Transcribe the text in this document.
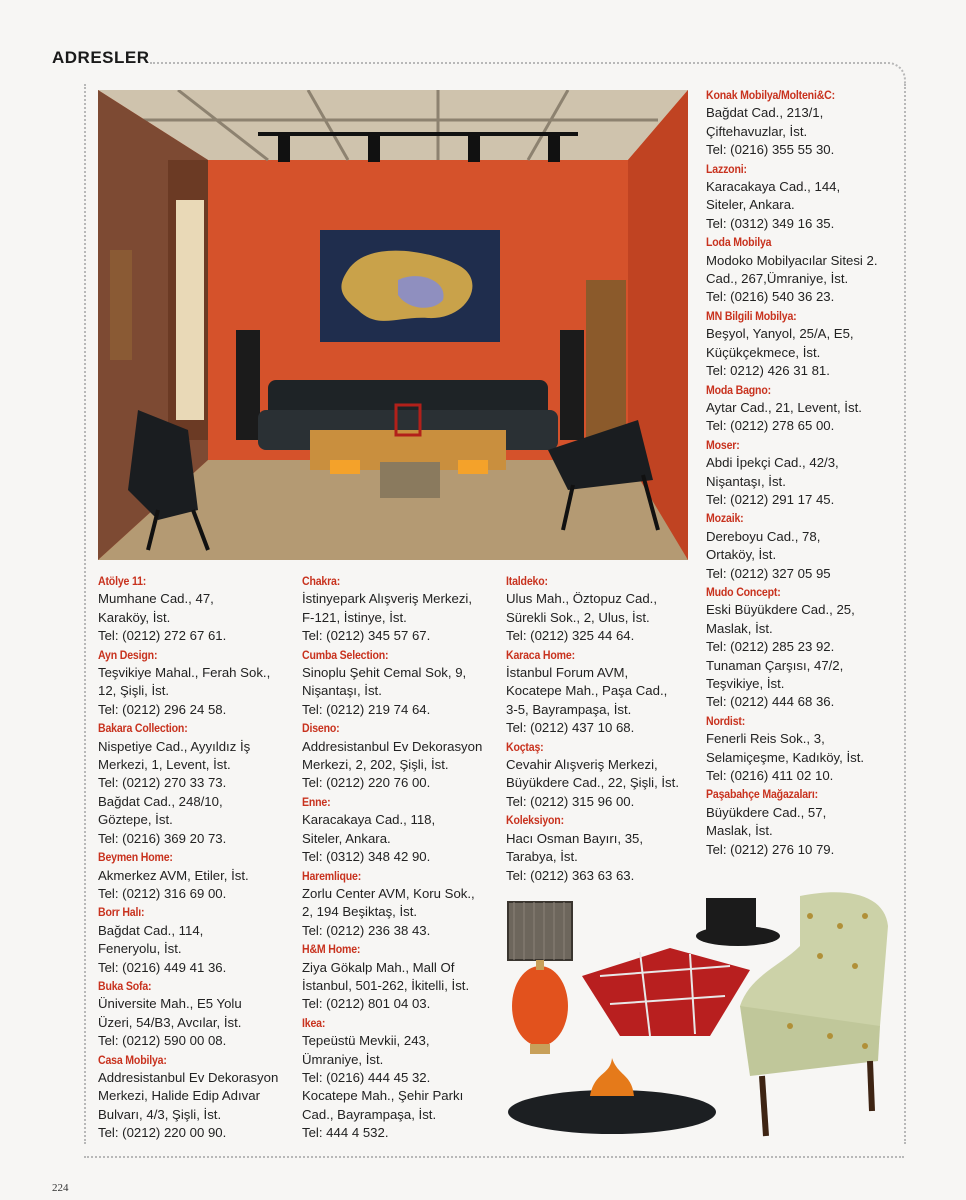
ADRESLER
Atölye 11:
Mumhane Cad., 47,
Karaköy, İst.
Tel: (0212) 272 67 61.
Ayn Design:
Teşvikiye Mahal., Ferah Sok.,
12, Şişli, İst.
Tel: (0212) 296 24 58.
Bakara Collection:
Nispetiye Cad., Ayyıldız İş
Merkezi, 1, Levent, İst.
Tel: (0212) 270 33 73.
Bağdat Cad., 248/10,
Göztepe, İst.
Tel: (0216) 369 20 73.
Beymen Home:
Akmerkez AVM, Etiler, İst.
Tel: (0212) 316 69 00.
Borr Halı:
Bağdat Cad., 114,
Feneryolu, İst.
Tel: (0216) 449 41 36.
Buka Sofa:
Üniversite Mah., E5 Yolu
Üzeri, 54/B3, Avcılar, İst.
Tel: (0212) 590 00 08.
Casa Mobilya:
Addresistanbul Ev Dekorasyon
Merkezi, Halide Edip Adıvar
Bulvarı, 4/3, Şişli, İst.
Tel: (0212) 220 00 90.
Chakra:
İstinyepark Alışveriş Merkezi,
F-121, İstinye, İst.
Tel: (0212) 345 57 67.
Cumba Selection:
Sinoplu Şehit Cemal Sok, 9,
Nişantaşı, İst.
Tel: (0212) 219 74 64.
Diseno:
Addresistanbul Ev Dekorasyon
Merkezi, 2, 202, Şişli, İst.
Tel: (0212) 220 76 00.
Enne:
Karacakaya Cad., 118,
Siteler, Ankara.
Tel: (0312) 348 42 90.
Haremlique:
Zorlu Center AVM, Koru Sok.,
2, 194 Beşiktaş, İst.
Tel: (0212) 236 38 43.
H&M Home:
Ziya Gökalp Mah., Mall Of
İstanbul, 501-262, İkitelli, İst.
Tel: (0212) 801 04 03.
Ikea:
Tepeüstü Mevkii, 243,
Ümraniye, İst.
Tel: (0216) 444 45 32.
Kocatepe Mah., Şehir Parkı
Cad., Bayrampaşa, İst.
Tel: 444 4 532.
Italdeko:
Ulus Mah., Öztopuz Cad.,
Sürekli Sok., 2, Ulus, İst.
Tel: (0212) 325 44 64.
Karaca Home:
İstanbul Forum AVM,
Kocatepe Mah., Paşa Cad.,
3-5, Bayrampaşa, İst.
Tel: (0212) 437 10 68.
Koçtaş:
Cevahir Alışveriş Merkezi,
Büyükdere Cad., 22, Şişli, İst.
Tel: (0212) 315 96 00.
Koleksiyon:
Hacı Osman Bayırı, 35,
Tarabya, İst.
Tel: (0212) 363 63 63.
Konak Mobilya/Molteni&C:
Bağdat Cad., 213/1,
Çiftehavuzlar, İst.
Tel: (0216) 355 55 30.
Lazzoni:
Karacakaya Cad., 144,
Siteler, Ankara.
Tel: (0312) 349 16 35.
Loda Mobilya
Modoko Mobilyacılar Sitesi 2.
Cad., 267,Ümraniye, İst.
Tel: (0216) 540 36 23.
MN Bilgili Mobilya:
Beşyol, Yanyol, 25/A, E5,
Küçükçekmece, İst.
Tel: 0212) 426 31 81.
Moda Bagno:
Aytar Cad., 21, Levent, İst.
Tel: (0212) 278 65 00.
Moser:
Abdi İpekçi Cad., 42/3,
Nişantaşı, İst.
Tel: (0212) 291 17 45.
Mozaik:
Dereboyu Cad., 78,
Ortaköy, İst.
Tel: (0212) 327 05 95
Mudo Concept:
Eski Büyükdere Cad., 25,
Maslak, İst.
Tel: (0212) 285 23 92.
Tunaman Çarşısı, 47/2,
Teşvikiye, İst.
Tel: (0212) 444 68 36.
Nordist:
Fenerli Reis Sok., 3,
Selamiçeşme, Kadıköy, İst.
Tel: (0216) 411 02 10.
Paşabahçe Mağazaları:
Büyükdere Cad., 57,
Maslak, İst.
Tel: (0212) 276 10 79.
224
